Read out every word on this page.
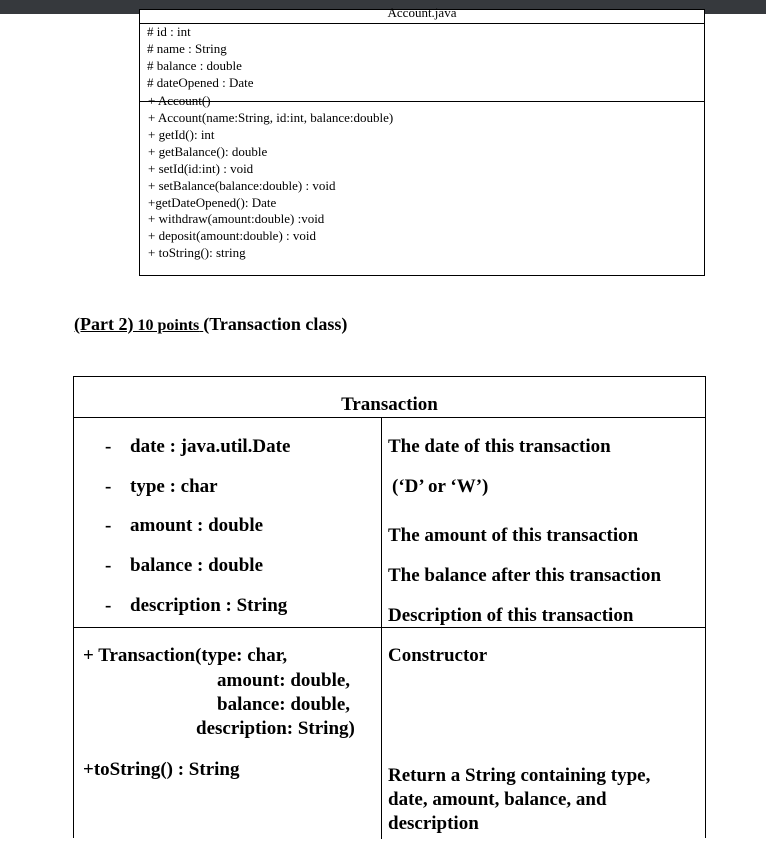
Account.java
# id : int
# name : String
# balance : double
# dateOpened : Date
+ Account()
+ Account(name:String, id:int, balance:double)
+ getId(): int
+ getBalance(): double
+ setId(id:int) : void
+ setBalance(balance:double) : void
+getDateOpened(): Date
+ withdraw(amount:double) :void
+ deposit(amount:double) : void
+ toString(): string
(Part 2) 10 points (Transaction class)
Transaction
- date : java.util.Date
- type : char
- amount : double
- balance : double
- description : String
The date of this transaction
(‘D’ or ‘W’)
The amount of this transaction
The balance after this transaction
Description of this transaction
+ Transaction(type: char,
amount: double,
balance: double,
description: String)
Constructor
+toString() : String	Return a String containing type,
date, amount, balance, and
description
